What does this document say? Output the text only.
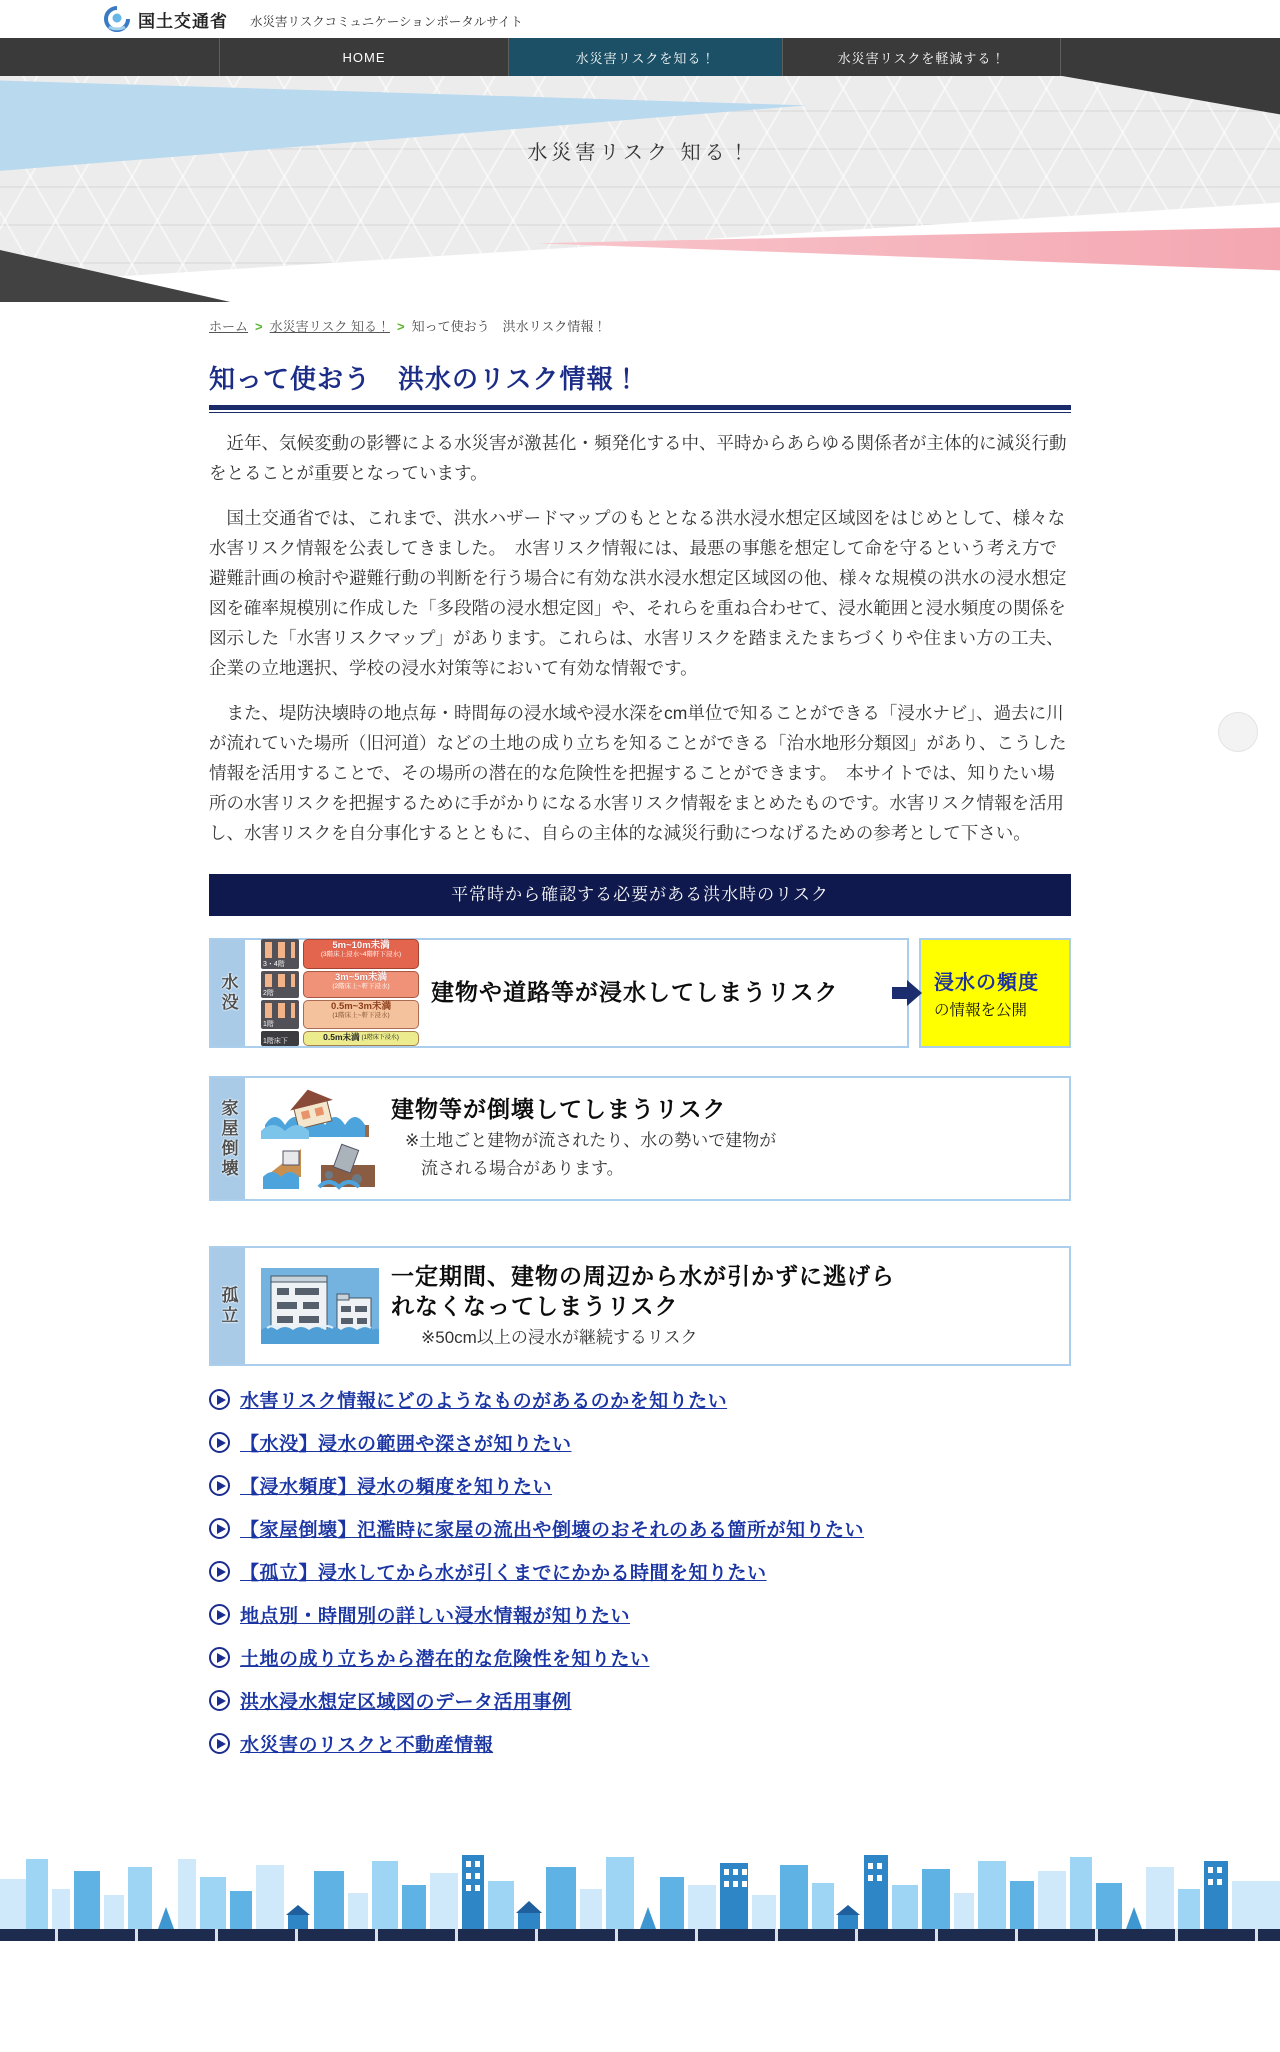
国土交通省 水災害リスクコミュニケーションポータルサイト
HOME	水災害リスクを知る！	水災害リスクを軽減する！
水災害リスク 知る！
ホーム > 水災害リスク 知る！ > 知って使おう　洪水リスク情報！
知って使おう　洪水のリスク情報！

　近年、気候変動の影響による水災害が激甚化・頻発化する中、平時からあらゆる関係者が主体的に減災行動をとることが重要となっています。

　国土交通省では、これまで、洪水ハザードマップのもととなる洪水浸水想定区域図をはじめとして、様々な水害リスク情報を公表してきました。　水害リスク情報には、最悪の事態を想定して命を守るという考え方で避難計画の検討や避難行動の判断を行う場合に有効な洪水浸水想定区域図の他、様々な規模の洪水の浸水想定図を確率規模別に作成した「多段階の浸水想定図」や、それらを重ね合わせて、浸水範囲と浸水頻度の関係を図示した「水害リスクマップ」があります。これらは、水害リスクを踏まえたまちづくりや住まい方の工夫、企業の立地選択、学校の浸水対策等において有効な情報です。

　また、堤防決壊時の地点毎・時間毎の浸水域や浸水深をcm単位で知ることができる「浸水ナビ」、過去に川が流れていた場所（旧河道）などの土地の成り立ちを知ることができる「治水地形分類図」があり、こうした情報を活用することで、その場所の潜在的な危険性を把握することができます。　本サイトでは、知りたい場所の水害リスクを把握するために手がかりになる水害リスク情報をまとめたものです。水害リスク情報を活用し、水害リスクを自分事化するとともに、自らの主体的な減災行動につなげるための参考として下さい。

平常時から確認する必要がある洪水時のリスク
水没
3・4階
5m~10m未満
(3階床上浸水~4階軒下浸水)
2階
3m~5m未満
(2階床上~軒下浸水)
1階
0.5m~3m未満
(1階床上~軒下浸水)
1階床下	0.5m未満 (1階床下浸水)
建物や道路等が浸水してしまうリスク	浸水の頻度
の情報を公開
家屋倒壊	建物等が倒壊してしまうリスク
※土地ごと建物が流されたり、水の勢いで建物が
流される場合があります。
孤立
一定期間、建物の周辺から水が引かずに逃げられなくなってしまうリスク
※50cm以上の浸水が継続するリスク
水害リスク情報にどのようなものがあるのかを知りたい
【水没】浸水の範囲や深さが知りたい
【浸水頻度】浸水の頻度を知りたい
【家屋倒壊】氾濫時に家屋の流出や倒壊のおそれのある箇所が知りたい
【孤立】浸水してから水が引くまでにかかる時間を知りたい
地点別・時間別の詳しい浸水情報が知りたい
土地の成り立ちから潜在的な危険性を知りたい
洪水浸水想定区域図のデータ活用事例
水災害のリスクと不動産情報
